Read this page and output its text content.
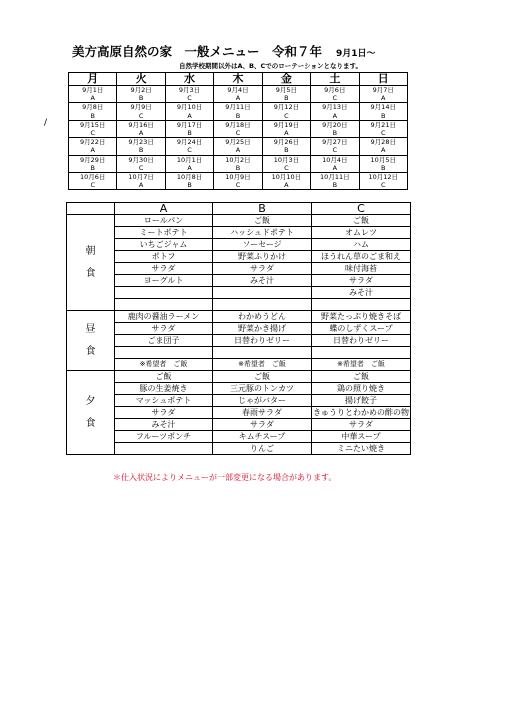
美方高原自然の家　一般メニュー　令和７年 9月1日～
自然学校期間以外はA、B、Cでのローテーションとなります。
/
月	火	水	木	金	土	日
9月1日	9月2日	9月3日	9月4日	9月5日	9月6日	9月7日
A	B	C	A	B	C	A
9月8日	9月9日	9月10日	9月11日	9月12日	9月13日	9月14日
B	C	A	B	C	A	B
9月15日	9月16日	9月17日	9月18日	9月19日	9月20日	9月21日
C	A	B	C	A	B	C
9月22日	9月23日	9月24日	9月25日	9月26日	9月27日	9月28日
A	B	C	A	B	C	A
9月29日	9月30日	10月1日	10月2日	10月3日	10月4日	10月5日
B	C	A	B	C	A	B
10月6日	10月7日	10月8日	10月9日	10月10日	10月11日	10月12日
C	A	B	C	A	B	C
	A	B	C

朝
食	ロールパン	ご飯	ご飯
	ミートポテト	ハッシュドポテト	オムレツ
	いちごジャム	ソーセージ	ハム
	ポトフ	野菜ふりかけ	ほうれん草のごま和え
	サラダ	サラダ	味付海苔
	ヨーグルト	みそ汁	サラダ
			みそ汁

昼
食	鹿肉の醤油ラーメン	わかめうどん	野菜たっぷり焼きそば
	サラダ	野菜かき揚げ	蝶のしずくスープ
	ごま団子	日替わりゼリー	日替わりゼリー

	※希望者　ご飯	※希望者　ご飯	※希望者　ご飯

夕
食	ご飯	ご飯	ご飯
	豚の生姜焼き	三元豚のトンカツ	鶏の照り焼き
	マッシュポテト	じゃがバター	揚げ餃子
	サラダ	春雨サラダ	きゅうりとわかめの酢の物
	みそ汁	サラダ	サラダ
	フルーツポンチ	キムチスープ	中華スープ
		りんご	ミニたい焼き
＊仕入状況によりメニューが一部変更になる場合があります。
